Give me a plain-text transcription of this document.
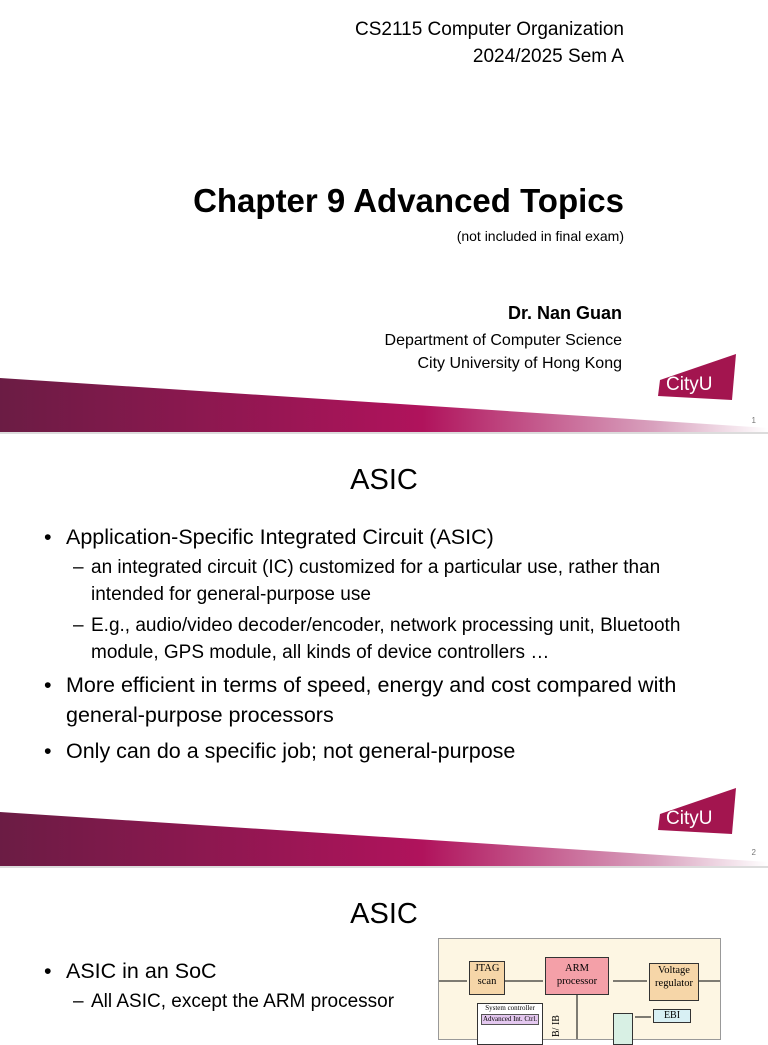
CS2115 Computer Organization
2024/2025 Sem A
Chapter 9 Advanced Topics
(not included in final exam)
Dr. Nan Guan
Department of Computer Science
City University of Hong Kong
CityU
1
ASIC
• Application-Specific Integrated Circuit (ASIC)
– an integrated circuit (IC) customized for a particular use, rather than intended for general-purpose use
– E.g., audio/video decoder/encoder, network processing unit, Bluetooth module, GPS module, all kinds of device controllers …
• More efficient in terms of speed, energy and cost compared with general-purpose processors
• Only can do a specific job; not general-purpose
CityU
2
ASIC
• ASIC in an SoC
– All ASIC, except the ARM processor
JTAG scan
ARM processor
Voltage regulator
System controller
Advanced Int. Ctrl. B/ IB	EBI
